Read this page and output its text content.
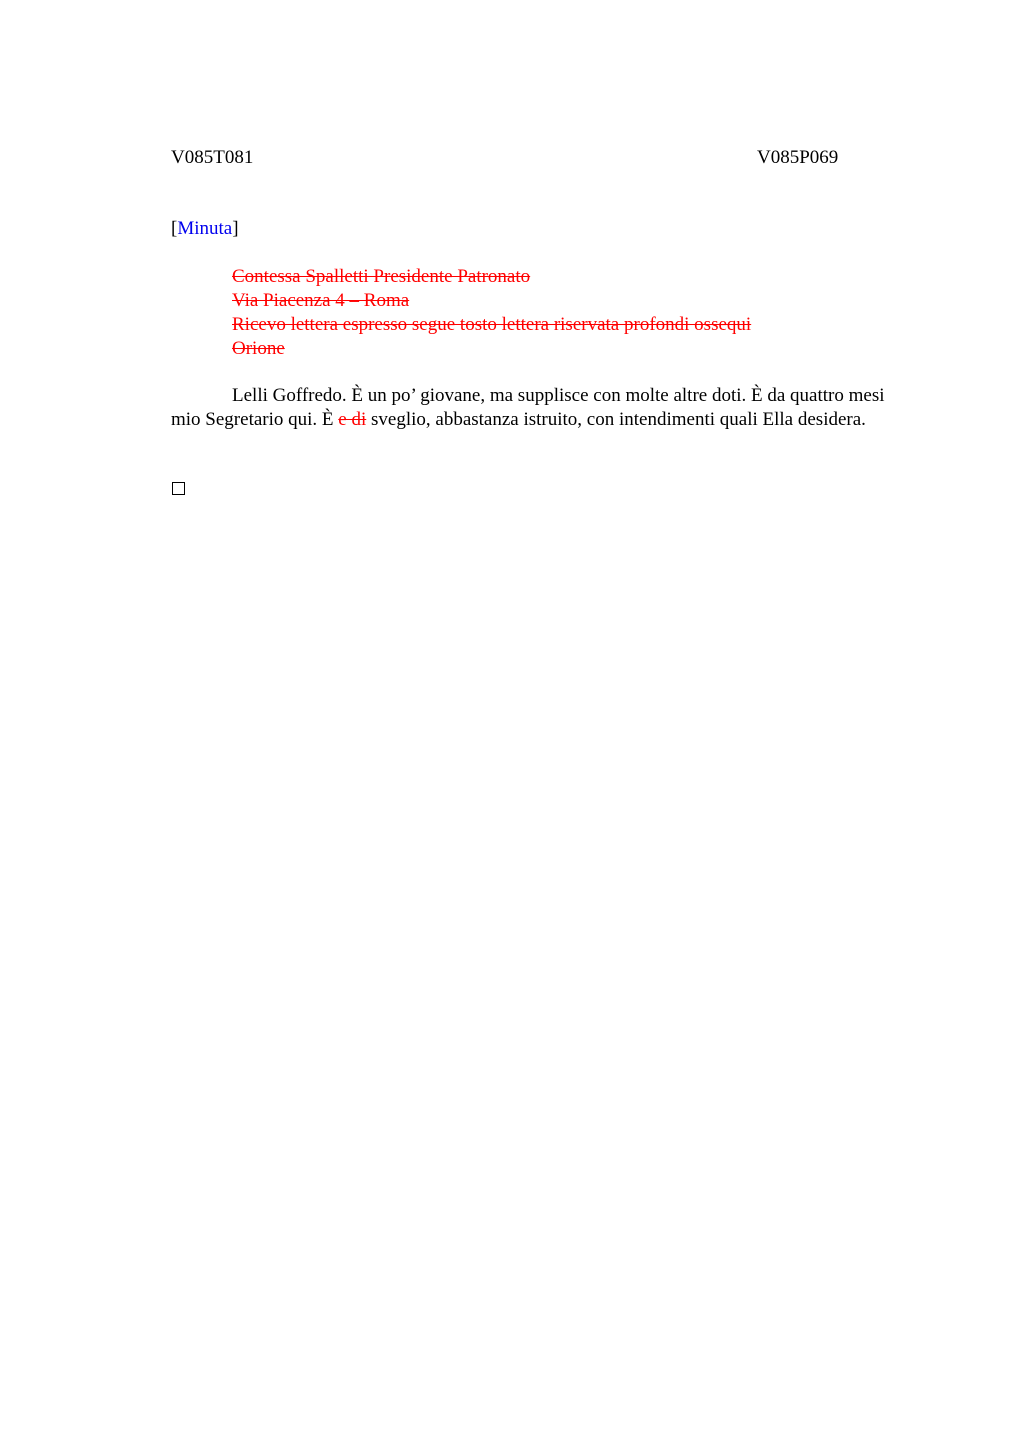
V085T081	V085P069
[Minuta]
Contessa Spalletti Presidente Patronato
Via Piacenza 4 – Roma
Ricevo lettera espresso segue tosto lettera riservata profondi ossequi
Orione
Lelli Goffredo. È un po’ giovane, ma supplisce con molte altre doti. È da quattro mesi mio Segretario qui. È e di sveglio, abbastanza istruito, con intendimenti quali Ella desidera.
